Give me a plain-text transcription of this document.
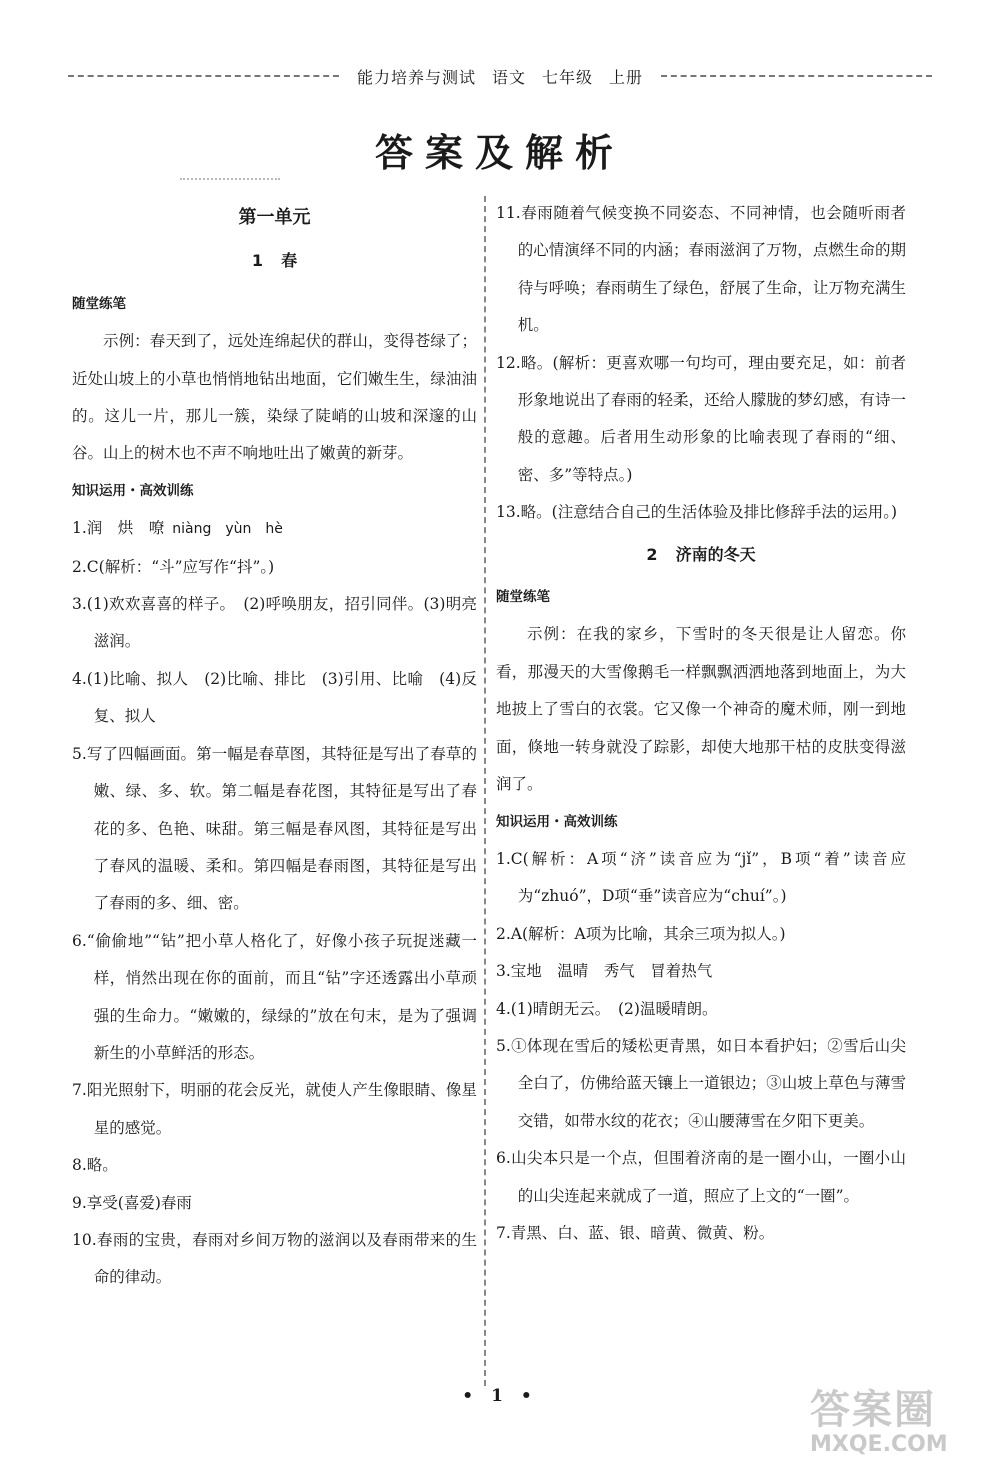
能力培养与测试 语文 七年级 上册
答案及解析
第一单元
1 春
随堂练笔
示例：春天到了，远处连绵起伏的群山，变得苍绿了；近处山坡上的小草也悄悄地钻出地面，它们嫩生生，绿油油的。这儿一片，那儿一簇，染绿了陡峭的山坡和深邃的山谷。山上的树木也不声不响地吐出了嫩黄的新芽。
知识运用・高效训练
1.润　烘　嘹 niàng　yùn　hè
2.C(解析：“斗”应写作“抖”。)
3.(1)欢欢喜喜的样子。　(2)呼唤朋友，招引同伴。(3)明亮滋润。
4.(1)比喻、拟人　(2)比喻、排比　(3)引用、比喻　(4)反复、拟人
5.写了四幅画面。第一幅是春草图，其特征是写出了春草的嫩、绿、多、软。第二幅是春花图，其特征是写出了春花的多、色艳、味甜。第三幅是春风图，其特征是写出了春风的温暖、柔和。第四幅是春雨图，其特征是写出了春雨的多、细、密。
6.“偷偷地”“钻”把小草人格化了，好像小孩子玩捉迷藏一样，悄然出现在你的面前，而且“钻”字还透露出小草顽强的生命力。“嫩嫩的，绿绿的”放在句末，是为了强调新生的小草鲜活的形态。
7.阳光照射下，明丽的花会反光，就使人产生像眼睛、像星星的感觉。
8.略。
9.享受(喜爱)春雨
10.春雨的宝贵，春雨对乡间万物的滋润以及春雨带来的生命的律动。
11.春雨随着气候变换不同姿态、不同神情，也会随听雨者的心情演绎不同的内涵；春雨滋润了万物，点燃生命的期待与呼唤；春雨萌生了绿色，舒展了生命，让万物充满生机。
12.略。(解析：更喜欢哪一句均可，理由要充足，如：前者形象地说出了春雨的轻柔，还给人朦胧的梦幻感，有诗一般的意趣。后者用生动形象的比喻表现了春雨的“细、密、多”等特点。)
13.略。(注意结合自己的生活体验及排比修辞手法的运用。)
2 济南的冬天
随堂练笔
示例：在我的家乡，下雪时的冬天很是让人留恋。你看，那漫天的大雪像鹅毛一样飘飘洒洒地落到地面上，为大地披上了雪白的衣裳。它又像一个神奇的魔术师，刚一到地面，倏地一转身就没了踪影，却使大地那干枯的皮肤变得滋润了。
知识运用・高效训练
1.C(解析：A项“济”读音应为“jǐ”，B项“着”读音应为“zhuó”，D项“垂”读音应为“chuí”。)
2.A(解析：A项为比喻，其余三项为拟人。)
3.宝地　温晴　秀气　冒着热气
4.(1)晴朗无云。　(2)温暖晴朗。
5.①体现在雪后的矮松更青黑，如日本看护妇；②雪后山尖全白了，仿佛给蓝天镶上一道银边；③山坡上草色与薄雪交错，如带水纹的花衣；④山腰薄雪在夕阳下更美。
6.山尖本只是一个点，但围着济南的是一圈小山，一圈小山的山尖连起来就成了一道，照应了上文的“一圈”。
7.青黑、白、蓝、银、暗黄、微黄、粉。
• 1 •	答案圈
MXQE.COM
